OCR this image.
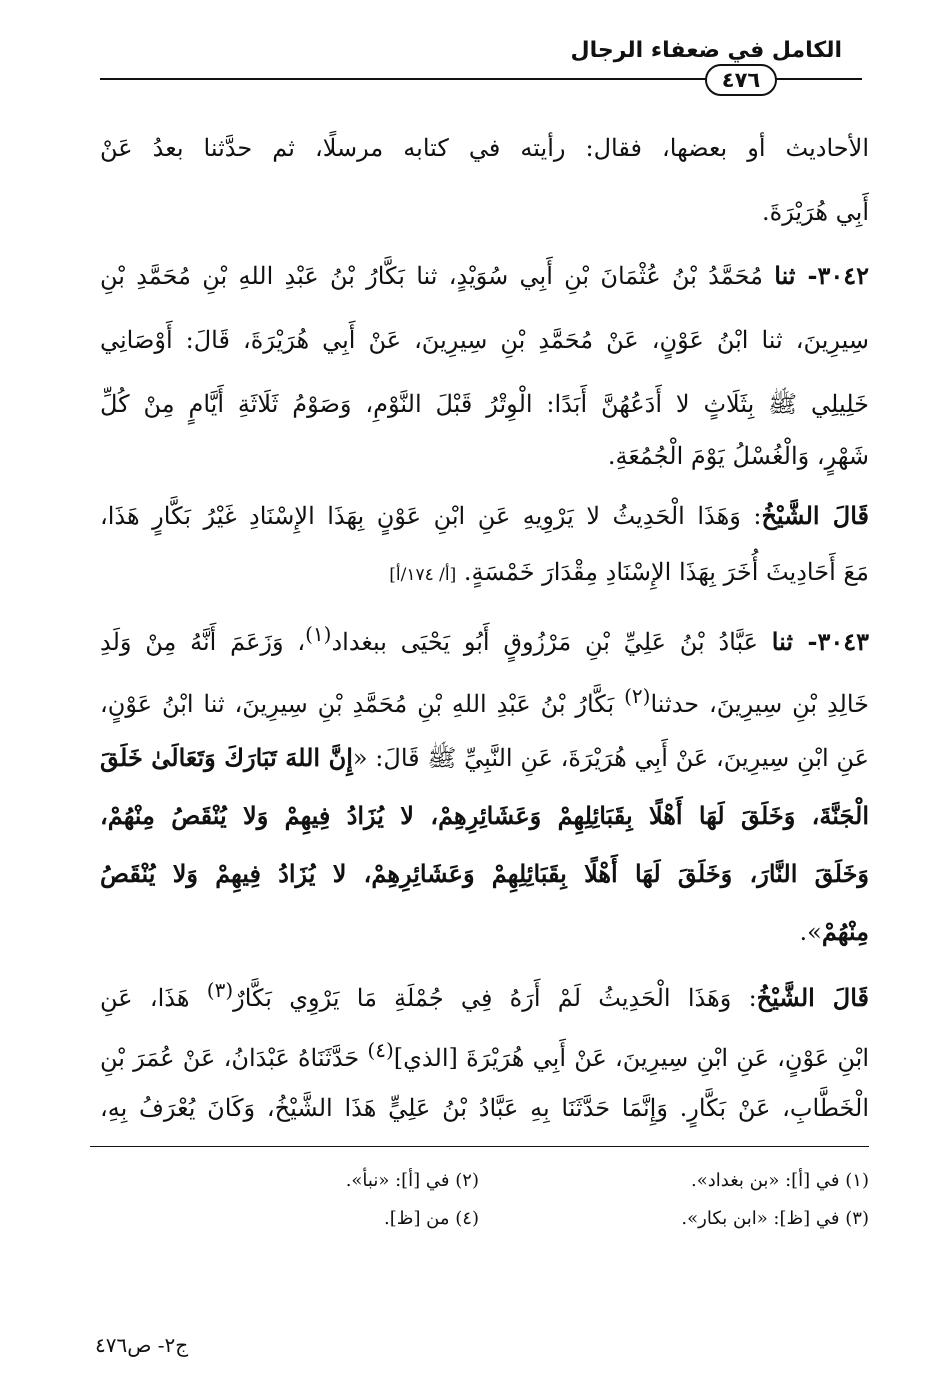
الكامل في ضعفاء الرجال
٤٧٦
الأحاديث أو بعضها، فقال: رأيته في كتابه مرسلًا، ثم حدَّثنا بعدُ عَنْ
أَبِي هُرَيْرَةَ.
٣٠٤٢- ثنا مُحَمَّدُ بْنُ عُثْمَانَ بْنِ أَبِي سُوَيْدٍ، ثنا بَكَّارُ بْنُ عَبْدِ اللهِ بْنِ مُحَمَّدِ بْنِ
سِيرِينَ، ثنا ابْنُ عَوْنٍ، عَنْ مُحَمَّدِ بْنِ سِيرِينَ، عَنْ أَبِي هُرَيْرَةَ، قَالَ: أَوْصَانِي
خَلِيلِي ﷺ بِثَلَاثٍ لا أَدَعُهُنَّ أَبَدًا: الْوِتْرُ قَبْلَ النَّوْمِ، وَصَوْمُ ثَلَاثَةِ أَيَّامٍ مِنْ كُلِّ
شَهْرٍ، وَالْغُسْلُ يَوْمَ الْجُمُعَةِ.
قَالَ الشَّيْخُ: وَهَذَا الْحَدِيثُ لا يَرْوِيهِ عَنِ ابْنِ عَوْنٍ بِهَذَا الإِسْنَادِ غَيْرُ بَكَّارٍ هَذَا،
مَعَ أَحَادِيثَ أُخَرَ بِهَذَا الإِسْنَادِ مِقْدَارَ خَمْسَةٍ. [أ/ ١٧٤/أ]
٣٠٤٣- ثنا عَبَّادُ بْنُ عَلِيِّ بْنِ مَرْزُوقٍ أَبُو يَحْيَى ببغداد$^{(١)}$، وَزَعَمَ أَنَّهُ مِنْ وَلَدِ
خَالِدِ بْنِ سِيرِينَ، حدثنا$^{(٢)}$ بَكَّارُ بْنُ عَبْدِ اللهِ بْنِ مُحَمَّدِ بْنِ سِيرِينَ، ثنا ابْنُ عَوْنٍ،
عَنِ ابْنِ سِيرِينَ، عَنْ أَبِي هُرَيْرَةَ، عَنِ النَّبِيِّ ﷺ قَالَ: «إِنَّ اللهَ تَبَارَكَ وَتَعَالَىٰ خَلَقَ
الْجَنَّةَ، وَخَلَقَ لَهَا أَهْلًا بِقَبَائِلِهِمْ وَعَشَائِرِهِمْ، لا يُزَادُ فِيهِمْ وَلا يُنْقَصُ مِنْهُمْ،
وَخَلَقَ النَّارَ، وَخَلَقَ لَهَا أَهْلًا بِقَبَائِلِهِمْ وَعَشَائِرِهِمْ، لا يُزَادُ فِيهِمْ وَلا يُنْقَصُ
مِنْهُمْ».
قَالَ الشَّيْخُ: وَهَذَا الْحَدِيثُ لَمْ أَرَهُ فِي جُمْلَةِ مَا يَرْوِي بَكَّارٌ$^{(٣)}$ هَذَا، عَنِ
ابْنِ عَوْنٍ، عَنِ ابْنِ سِيرِينَ، عَنْ أَبِي هُرَيْرَةَ [الذي]$^{(٤)}$ حَدَّثَنَاهُ عَبْدَانُ، عَنْ عُمَرَ بْنِ
الْخَطَّابِ، عَنْ بَكَّارٍ. وَإِنَّمَا حَدَّثَنَا بِهِ عَبَّادُ بْنُ عَلِيٍّ هَذَا الشَّيْخُ، وَكَانَ يُعْرَفُ بِهِ،
(١) في [أ]: «بن بغداد».
(٢) في [أ]: «نبأ».
(٣) في [ظ]: «ابن بكار».
(٤) من [ظ].
ج٢- ص٤٧٦
